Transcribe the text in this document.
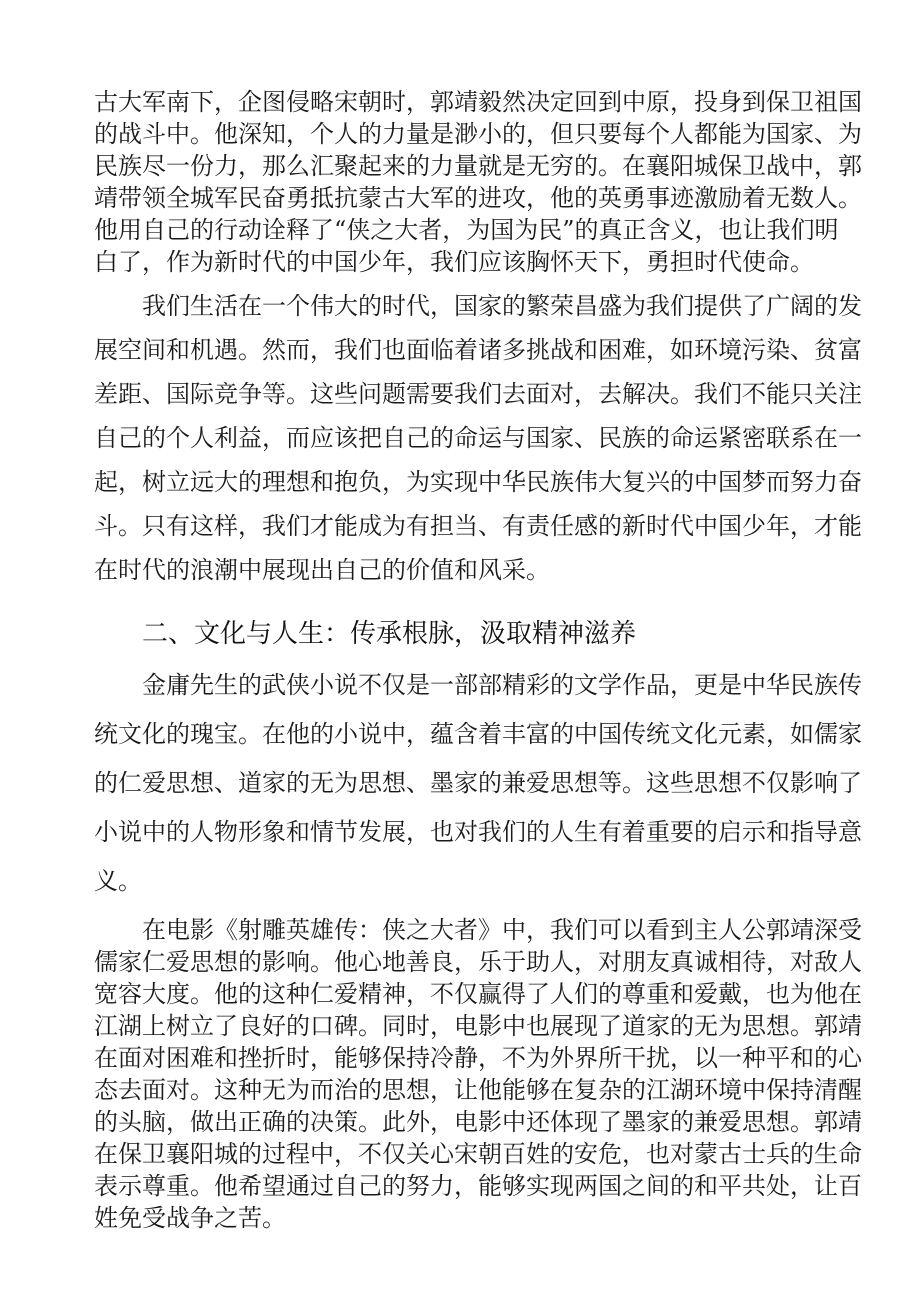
古大军南下，企图侵略宋朝时，郭靖毅然决定回到中原，投身到保卫祖国
的战斗中。他深知，个人的力量是渺小的，但只要每个人都能为国家、为
民族尽一份力，那么汇聚起来的力量就是无穷的。在襄阳城保卫战中，郭
靖带领全城军民奋勇抵抗蒙古大军的进攻，他的英勇事迹激励着无数人。
他用自己的行动诠释了“侠之大者，为国为民”的真正含义，也让我们明
白了，作为新时代的中国少年，我们应该胸怀天下，勇担时代使命。
我们生活在一个伟大的时代，国家的繁荣昌盛为我们提供了广阔的发
展空间和机遇。然而，我们也面临着诸多挑战和困难，如环境污染、贫富
差距、国际竞争等。这些问题需要我们去面对，去解决。我们不能只关注
自己的个人利益，而应该把自己的命运与国家、民族的命运紧密联系在一
起，树立远大的理想和抱负，为实现中华民族伟大复兴的中国梦而努力奋
斗。只有这样，我们才能成为有担当、有责任感的新时代中国少年，才能
在时代的浪潮中展现出自己的价值和风采。
二、文化与人生：传承根脉，汲取精神滋养
金庸先生的武侠小说不仅是一部部精彩的文学作品，更是中华民族传
统文化的瑰宝。在他的小说中，蕴含着丰富的中国传统文化元素，如儒家
的仁爱思想、道家的无为思想、墨家的兼爱思想等。这些思想不仅影响了
小说中的人物形象和情节发展，也对我们的人生有着重要的启示和指导意
义。
在电影《射雕英雄传：侠之大者》中，我们可以看到主人公郭靖深受
儒家仁爱思想的影响。他心地善良，乐于助人，对朋友真诚相待，对敌人
宽容大度。他的这种仁爱精神，不仅赢得了人们的尊重和爱戴，也为他在
江湖上树立了良好的口碑。同时，电影中也展现了道家的无为思想。郭靖
在面对困难和挫折时，能够保持冷静，不为外界所干扰，以一种平和的心
态去面对。这种无为而治的思想，让他能够在复杂的江湖环境中保持清醒
的头脑，做出正确的决策。此外，电影中还体现了墨家的兼爱思想。郭靖
在保卫襄阳城的过程中，不仅关心宋朝百姓的安危，也对蒙古士兵的生命
表示尊重。他希望通过自己的努力，能够实现两国之间的和平共处，让百
姓免受战争之苦。
